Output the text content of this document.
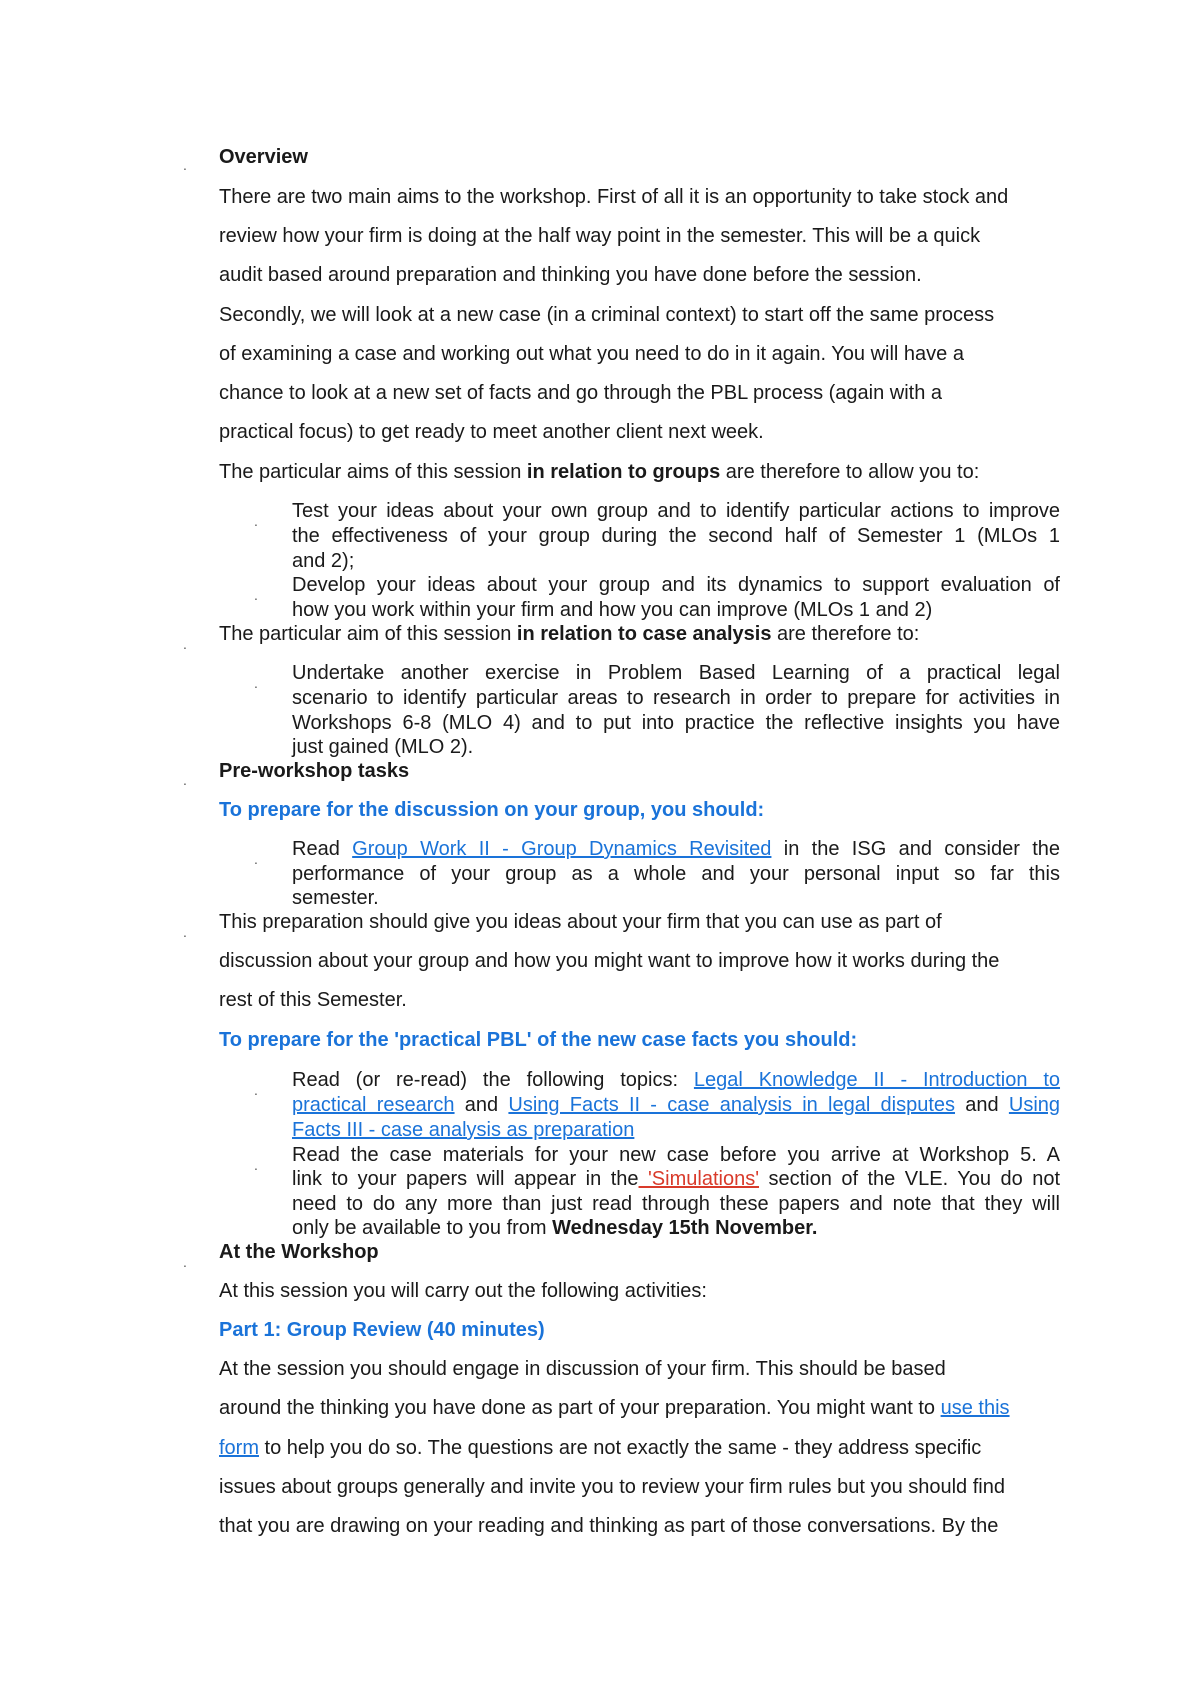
.
.
.
.
.
.
.
.
.
.
.
Overview
There are two main aims to the workshop. First of all it is an opportunity to take stock and
review how your firm is doing at the half way point in the semester. This will be a quick
audit based around preparation and thinking you have done before the session.
Secondly, we will look at a new case (in a criminal context) to start off the same process
of examining a case and working out what you need to do in it again. You will have a
chance to look at a new set of facts and go through the PBL process (again with a
practical focus) to get ready to meet another client next week.
The particular aims of this session in relation to groups are therefore to allow you to:
Test your ideas about your own group and to identify particular actions to improve
the effectiveness of your group during the second half of Semester 1 (MLOs 1
and 2);
Develop your ideas about your group and its dynamics to support evaluation of
how you work within your firm and how you can improve (MLOs 1 and 2)
The particular aim of this session in relation to case analysis are therefore to:
Undertake another exercise in Problem Based Learning of a practical legal
scenario to identify particular areas to research in order to prepare for activities in
Workshops 6-8 (MLO 4) and to put into practice the reflective insights you have
just gained (MLO 2).
Pre-workshop tasks
To prepare for the discussion on your group, you should:
Read Group Work II - Group Dynamics Revisited in the ISG and consider the
performance of your group as a whole and your personal input so far this
semester.
This preparation should give you ideas about your firm that you can use as part of
discussion about your group and how you might want to improve how it works during the
rest of this Semester.
To prepare for the 'practical PBL' of the new case facts you should:
Read (or re-read) the following topics: Legal Knowledge II - Introduction to
practical research and Using Facts II - case analysis in legal disputes and Using
Facts III - case analysis as preparation
Read the case materials for your new case before you arrive at Workshop 5. A
link to your papers will appear in the 'Simulations' section of the VLE. You do not
need to do any more than just read through these papers and note that they will
only be available to you from Wednesday 15th November.
At the Workshop
At this session you will carry out the following activities:
Part 1: Group Review (40 minutes)
At the session you should engage in discussion of your firm. This should be based
around the thinking you have done as part of your preparation. You might want to use this
form to help you do so. The questions are not exactly the same - they address specific
issues about groups generally and invite you to review your firm rules but you should find
that you are drawing on your reading and thinking as part of those conversations. By the
